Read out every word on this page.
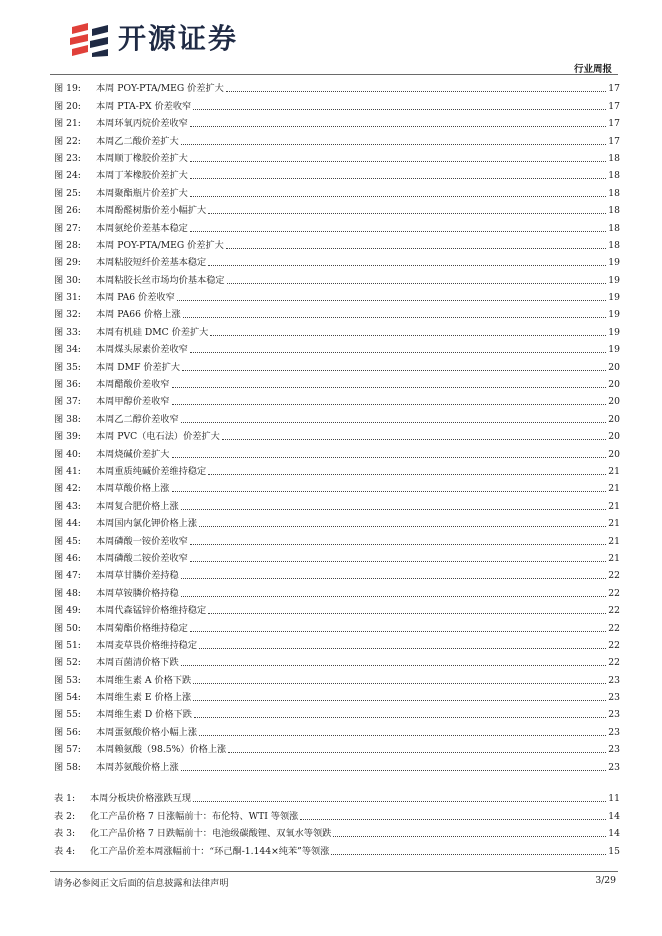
开源证券
行业周报
图 19:	本周 POY-PTA/MEG 价差扩大	17
图 20:	本周 PTA-PX 价差收窄	17
图 21:	本周环氧丙烷价差收窄	17
图 22:	本周乙二酸价差扩大	17
图 23:	本周顺丁橡胶价差扩大	18
图 24:	本周丁苯橡胶价差扩大	18
图 25:	本周聚酯瓶片价差扩大	18
图 26:	本周酚醛树脂价差小幅扩大	18
图 27:	本周氨纶价差基本稳定	18
图 28:	本周 POY-PTA/MEG 价差扩大	18
图 29:	本周粘胶短纤价差基本稳定	19
图 30:	本周粘胶长丝市场均价基本稳定	19
图 31:	本周 PA6 价差收窄	19
图 32:	本周 PA66 价格上涨	19
图 33:	本周有机硅 DMC 价差扩大	19
图 34:	本周煤头尿素价差收窄	19
图 35:	本周 DMF 价差扩大	20
图 36:	本周醋酸价差收窄	20
图 37:	本周甲醇价差收窄	20
图 38:	本周乙二醇价差收窄	20
图 39:	本周 PVC（电石法）价差扩大	20
图 40:	本周烧碱价差扩大	20
图 41:	本周重质纯碱价差维持稳定	21
图 42:	本周草酸价格上涨	21
图 43:	本周复合肥价格上涨	21
图 44:	本周国内氯化钾价格上涨	21
图 45:	本周磷酸一铵价差收窄	21
图 46:	本周磷酸二铵价差收窄	21
图 47:	本周草甘膦价差持稳	22
图 48:	本周草铵膦价格持稳	22
图 49:	本周代森锰锌价格维持稳定	22
图 50:	本周菊酯价格维持稳定	22
图 51:	本周麦草畏价格维持稳定	22
图 52:	本周百菌清价格下跌	22
图 53:	本周维生素 A 价格下跌	23
图 54:	本周维生素 E 价格上涨	23
图 55:	本周维生素 D 价格下跌	23
图 56:	本周蛋氨酸价格小幅上涨	23
图 57:	本周赖氨酸（98.5%）价格上涨	23
图 58:	本周苏氨酸价格上涨	23
表 1:	本周分板块价格涨跌互现	11
表 2:	化工产品价格 7 日涨幅前十：布伦特、WTI 等领涨	14
表 3:	化工产品价格 7 日跌幅前十：电池级碳酸锂、双氧水等领跌	14
表 4:	化工产品价差本周涨幅前十：“环己酮-1.144×纯苯”等领涨	15
请务必参阅正文后面的信息披露和法律声明	3/29
